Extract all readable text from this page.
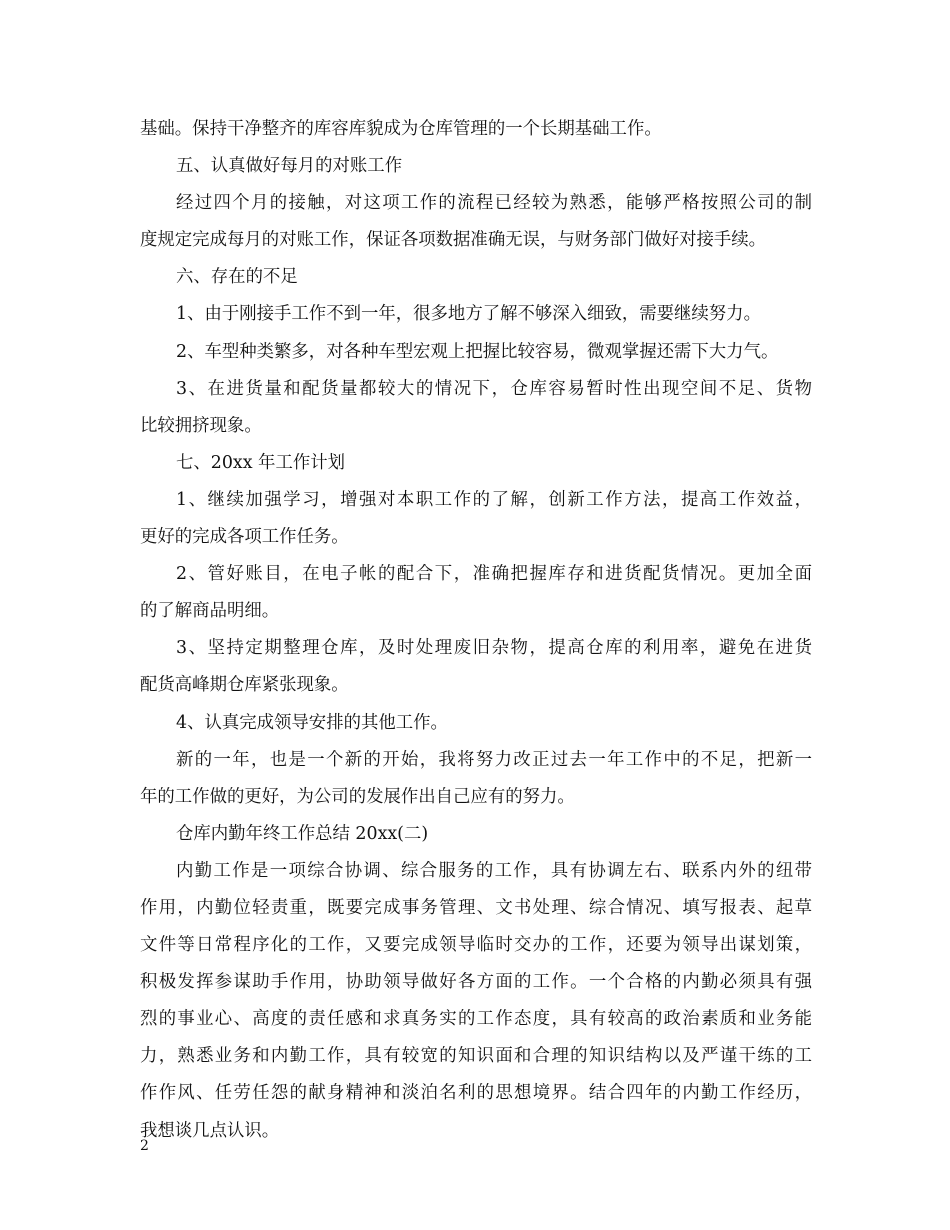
基础。保持干净整齐的库容库貌成为仓库管理的一个长期基础工作。
五、认真做好每月的对账工作
经过四个月的接触，对这项工作的流程已经较为熟悉，能够严格按照公司的制
度规定完成每月的对账工作，保证各项数据准确无误，与财务部门做好对接手续。
六、存在的不足
1、由于刚接手工作不到一年，很多地方了解不够深入细致，需要继续努力。
2、车型种类繁多，对各种车型宏观上把握比较容易，微观掌握还需下大力气。
3、在进货量和配货量都较大的情况下，仓库容易暂时性出现空间不足、货物
比较拥挤现象。
七、20xx 年工作计划
1、继续加强学习，增强对本职工作的了解，创新工作方法，提高工作效益，
更好的完成各项工作任务。
2、管好账目，在电子帐的配合下，准确把握库存和进货配货情况。更加全面
的了解商品明细。
3、坚持定期整理仓库，及时处理废旧杂物，提高仓库的利用率，避免在进货
配货高峰期仓库紧张现象。
4、认真完成领导安排的其他工作。
新的一年，也是一个新的开始，我将努力改正过去一年工作中的不足，把新一
年的工作做的更好，为公司的发展作出自己应有的努力。
仓库内勤年终工作总结 20xx(二)
内勤工作是一项综合协调、综合服务的工作，具有协调左右、联系内外的纽带
作用，内勤位轻责重，既要完成事务管理、文书处理、综合情况、填写报表、起草
文件等日常程序化的工作，又要完成领导临时交办的工作，还要为领导出谋划策，
积极发挥参谋助手作用，协助领导做好各方面的工作。一个合格的内勤必须具有强
烈的事业心、高度的责任感和求真务实的工作态度，具有较高的政治素质和业务能
力，熟悉业务和内勤工作，具有较宽的知识面和合理的知识结构以及严谨干练的工
作作风、任劳任怨的献身精神和淡泊名利的思想境界。结合四年的内勤工作经历，
我想谈几点认识。
2
